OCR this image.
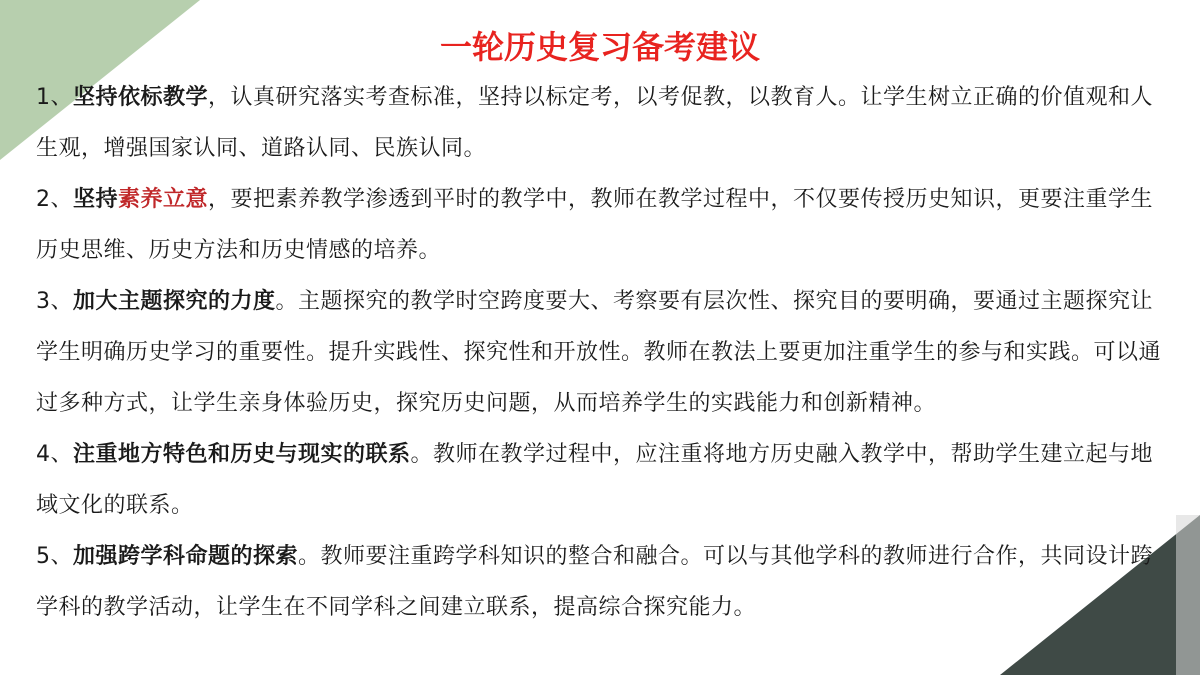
一轮历史复习备考建议

1、坚持依标教学，认真研究落实考查标准，坚持以标定考，以考促教，以教育人。让学生树立正确的价值观和人生观，增强国家认同、道路认同、民族认同。

2、坚持素养立意，要把素养教学渗透到平时的教学中，教师在教学过程中，不仅要传授历史知识，更要注重学生历史思维、历史方法和历史情感的培养。

3、加大主题探究的力度。主题探究的教学时空跨度要大、考察要有层次性、探究目的要明确，要通过主题探究让学生明确历史学习的重要性。提升实践性、探究性和开放性。教师在教法上要更加注重学生的参与和实践。可以通过多种方式，让学生亲身体验历史，探究历史问题，从而培养学生的实践能力和创新精神。

4、注重地方特色和历史与现实的联系。教师在教学过程中，应注重将地方历史融入教学中，帮助学生建立起与地域文化的联系。

5、加强跨学科命题的探索。教师要注重跨学科知识的整合和融合。可以与其他学科的教师进行合作，共同设计跨学科的教学活动，让学生在不同学科之间建立联系，提高综合探究能力。
